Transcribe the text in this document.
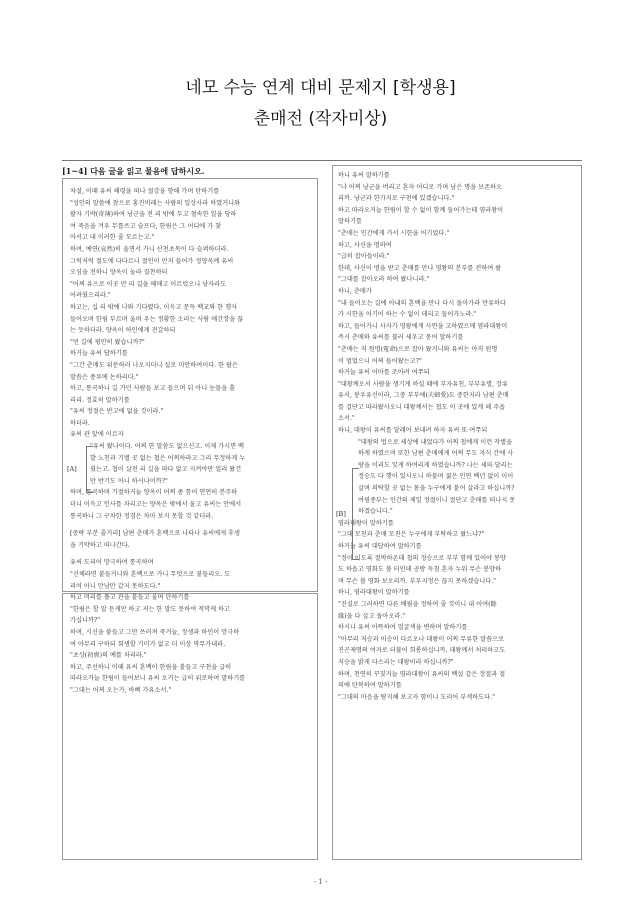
네모 수능 연계 대비 문제지 [학생용]
춘매전 (작자미상)
[1~4] 다음 글을 읽고 물음에 답하시오.

차설, 이때 유씨 해령을 떠나 절강을 향해 가며 탄하기를

"성인의 말씀에 참으로 홍진비래는 사람의 일상사라 하였거니와

팔자 기박(奇薄)하여 낭군을 전 리 밖에 두고 철속한 일을 당하

여 죽음을 겨우 무릅쓰고 슬프다, 한림은 그 어디에 가 찾

아서고 내 이러한 줄 모르는고."

하며, 예연(哀然)히 울면서 가니 산천초목이 다 슬퍼하더라.

그럭저럭 절도에 다다르니 절인이 먼저 들어가 정양옥께 유씨

오심을 전하니 양옥이 놀라 질찬하되

"어찌 유으로 이곳 만 리 길을 헤매고 이르렀으니 낭자라도

어려웠으리라."

하고는, 십 리 밖에 나와 기다렸다. 이윽고 문득 백교와 한 행자

들어오며 한림 부르며 울며 우는 정황한 소리는 사람 애간장을 끊

는 듯하더라. 양옥이 하인에게 전갈하되

"먼 길에 평안히 왔습니까?"

하거늘 유씨 답하기를

"그간 춘매도 위문하러 나오지더니 실로 미안하여이다. 한 팔은

말씀은 종루에 논하리다."

하고, 통곡하니 길 가던 사람들 보고 들으며 뒤 아니 눈물을 흘

리리. 정효히 말하기를

"유씨 정절은 반고에 없을 것이라."

하더라.

유씨 관 앞에 이르자

"유씨 왔나이다. 어찌 한 말씀도 없으신고. 이제 가시면 백

발 노친과 기별 곳 없는 첩은 어찌하라고 그리 무정하게 누

웠는고. 첩이 살천 리 길을 따다 없고 지켜야만 얼리 왔건

만 반기도 아니 하시나이까?"

하며, 통곡하며 기절하거늘 양옥이 어찌 좀 틈어 연연히 분주하

더니 이윽고 인사를 차리고는 양옥은 밖에서 울고 유씨는 안에서

통곡하니 그 구차한 정경은 차마 보지 못할 것 같더라.

[중략 부분 줄거리] 남편 춘매가 혼백으로 나타나 유씨에게 후생

을 기약하고 떠나간다.

유씨 도리어 망극하여 통곡하며

"신체라면 붙들거니와 혼백으로 가니 무엇으로 붙들리오. 도

리어 아니 만남만 같지 못하도다."

하고 머리를 풀고 관을 붙들고 울며 탄하기를

"한림은 할 말 듣게만 하고 저는 한 말도 못하여 적막케 하고

가십니까?"

하며, 시신을 붙들고 그만 쓰러져 죽거늘, 정생과 하인이 망극하

여 아무리 구하되 회생할 기미가 없고 더 이상 막무가내라.

"초상(初喪)의 예를 차리라."

하고, 주선하니 이때 유씨 혼백이 한림을 붙들고 구천을 급히

따라오거늘 한림이 들어보니 유씨 오거는 급히 위로하여 말하기를

"그대는 어찌 오는가, 바삐 가유소서."

하니 유씨 말하기를

"나 어찌 낭군을 버리고 혼자 어디로 가며 남은 명을 보존하오

리까. 낭군과 한가지로 구천에 있겠습니다."

하고 따라오거늘 한림이 할 수 없이 함께 들어가는데 염라왕이

말하기를

"춘매는 인간에게 가서 시한을 어기었다."

하고, 사신을 명하여

"급히 잡아들이라."

한데, 사신이 명을 받고 춘매를 만나 영왕의 분부를 전하여 왈

"그대를 잡아오라 하여 왔나니라."

하니, 춘매가

"내 들어오는 길에 아내의 혼백을 만나 다시 돌아가라 만류하다

가 시한을 어기어 하는 수 없이 데리고 들어가노라."

하고, 들어가니 사자가 영왕에게 사연을 고하였으매 염라대왕이

즉시 춘매와 유씨를 불러 세우고 묻어 말하기를

"춘매는 저 원명(寃命)으로 잡아 왔거니와 유씨는 아직 원명

이 멀었으니 어찌 들어왔는고?"

하거늘 유씨 이마를 조아려 여쭈되

"대왕께오서 사람을 생기게 하실 때에 부자유친, 부부유별, 장유

유서, 붕우유신이라, 그중 부부에(夫婦愛)도 중한지라 남편 춘매

를 걸단고 따라왔사오니 대왕께서는 첩도 이 곳에 있게 해 주옵

소서."

하니, 대왕이 유씨를 달래어 보내려 하자 유씨 또 여쭈되

"대왕의 법으로 세상에 내었다가 어찌 첩에게 이런 작별을

하게 하였으며 또한 남편 춘매에게 어찌 무도 자식 간에 사

랑을 이리도 잊게 하여리게 하였습니까? 나는 세파 달리는

정승도 다 행이 있사오니 하물며 젊은 인연 백년 없이 이이

살며 의탁할 곳 없는 몸을 누구에게 붙어 살라고 하십니까?

여필종부는 인간의 제일 정절이니 절단고 춘매를 떠나지 못

하겠습니다."

염라대왕이 말하기를

"그대 모친과 춘매 모친은 누구에게 부탁하고 왔느냐?"

하거늘 유씨 대답하여 말하기를

"정이 이도록 절박하온데 첩의 정승으로 부부 함께 있어야 봉양

도 하옵고 영화도 볼 터인데 공방 독침 혼자 누워 무슨 봉양하

며 무슨 볼 영화 보오리까. 부부지정은 끊지 못하겠습니다."

하니, 염라대왕이 말하기를

"진실로 그러하면 다른 배필을 정하여 줄 것이니 내 어여(餘

緣)을 다 살고 돌아오라."

하시니 유씨 아뜩하여 얼굴색을 변하며 말하기를

"아무리 저승과 이승이 다르오나 대왕이 어찌 무류한 말씀으로

진곤제명의 여자로 더불어 희롱하십니까. 대왕께서 처리하고도

저승을 밝게 다스리는 대왕이라 하십니까?"

하며, 천연히 꾸짖거늘 염라대왕이 유씨의 백설 같은 정절과 절

의에 탄복하여 말하기를

"그대의 마음을 탐지해 보고자 함이니 도리어 부색하도다."

[A]
[B]
- 1 -
